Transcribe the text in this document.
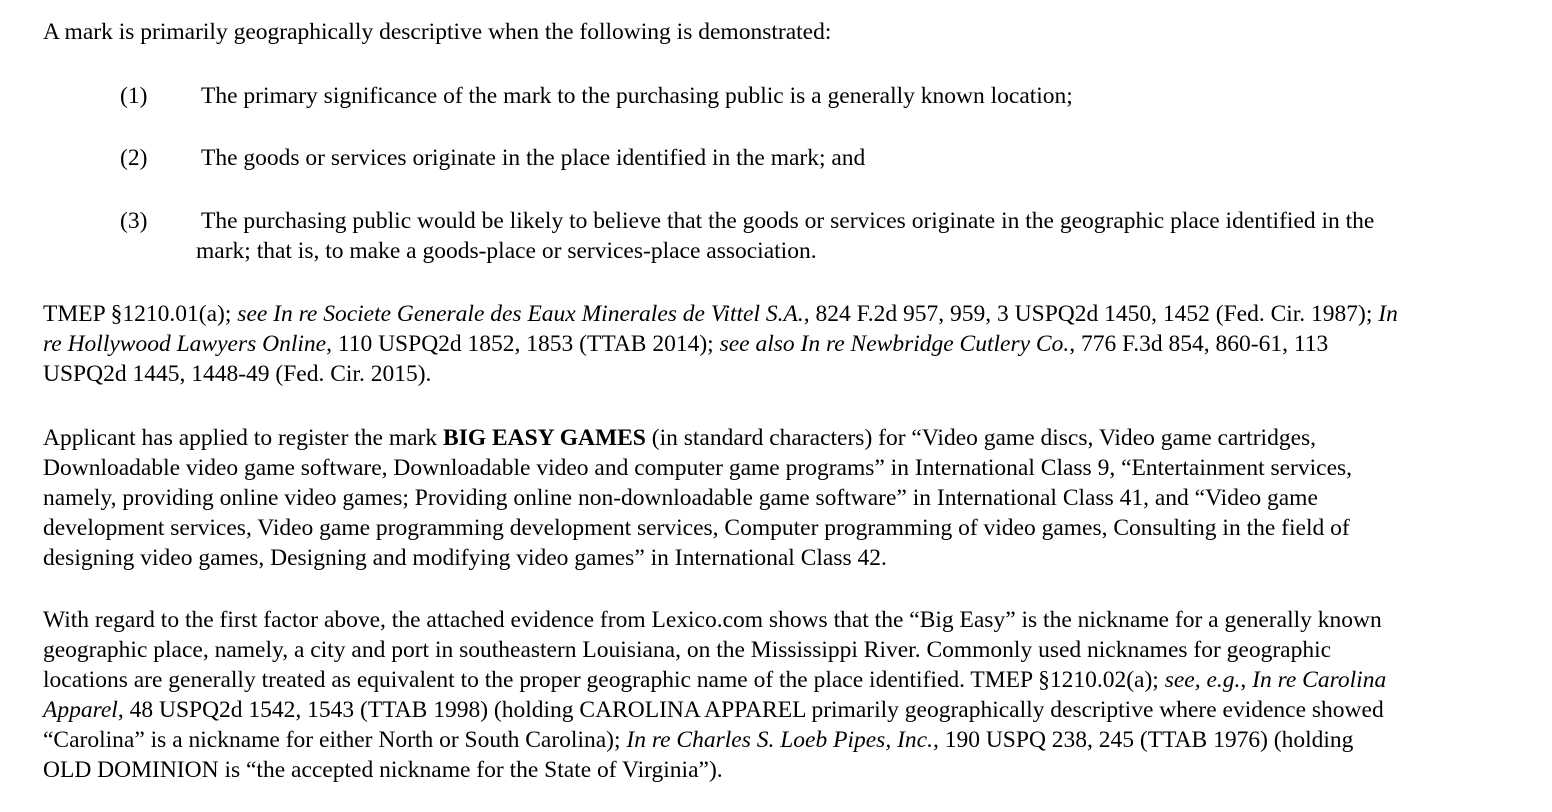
A mark is primarily geographically descriptive when the following is demonstrated:

(1) The primary significance of the mark to the purchasing public is a generally known location;
(2) The goods or services originate in the place identified in the mark; and
(3) The purchasing public would be likely to believe that the goods or services originate in the geographic place identified in the
mark; that is, to make a goods-place or services-place association.

TMEP §1210.01(a); see In re Societe Generale des Eaux Minerales de Vittel S.A., 824 F.2d 957, 959, 3 USPQ2d 1450, 1452 (Fed. Cir. 1987); In
re Hollywood Lawyers Online, 110 USPQ2d 1852, 1853 (TTAB 2014); see also In re Newbridge Cutlery Co., 776 F.3d 854, 860-61, 113
USPQ2d 1445, 1448-49 (Fed. Cir. 2015).

Applicant has applied to register the mark BIG EASY GAMES (in standard characters) for “Video game discs, Video game cartridges,
Downloadable video game software, Downloadable video and computer game programs” in International Class 9, “Entertainment services,
namely, providing online video games; Providing online non-downloadable game software” in International Class 41, and “Video game
development services, Video game programming development services, Computer programming of video games, Consulting in the field of
designing video games, Designing and modifying video games” in International Class 42.

With regard to the first factor above, the attached evidence from Lexico.com shows that the “Big Easy” is the nickname for a generally known
geographic place, namely, a city and port in southeastern Louisiana, on the Mississippi River. Commonly used nicknames for geographic
locations are generally treated as equivalent to the proper geographic name of the place identified. TMEP §1210.02(a); see, e.g., In re Carolina
Apparel, 48 USPQ2d 1542, 1543 (TTAB 1998) (holding CAROLINA APPAREL primarily geographically descriptive where evidence showed
“Carolina” is a nickname for either North or South Carolina); In re Charles S. Loeb Pipes, Inc., 190 USPQ 238, 245 (TTAB 1976) (holding
OLD DOMINION is “the accepted nickname for the State of Virginia”).
